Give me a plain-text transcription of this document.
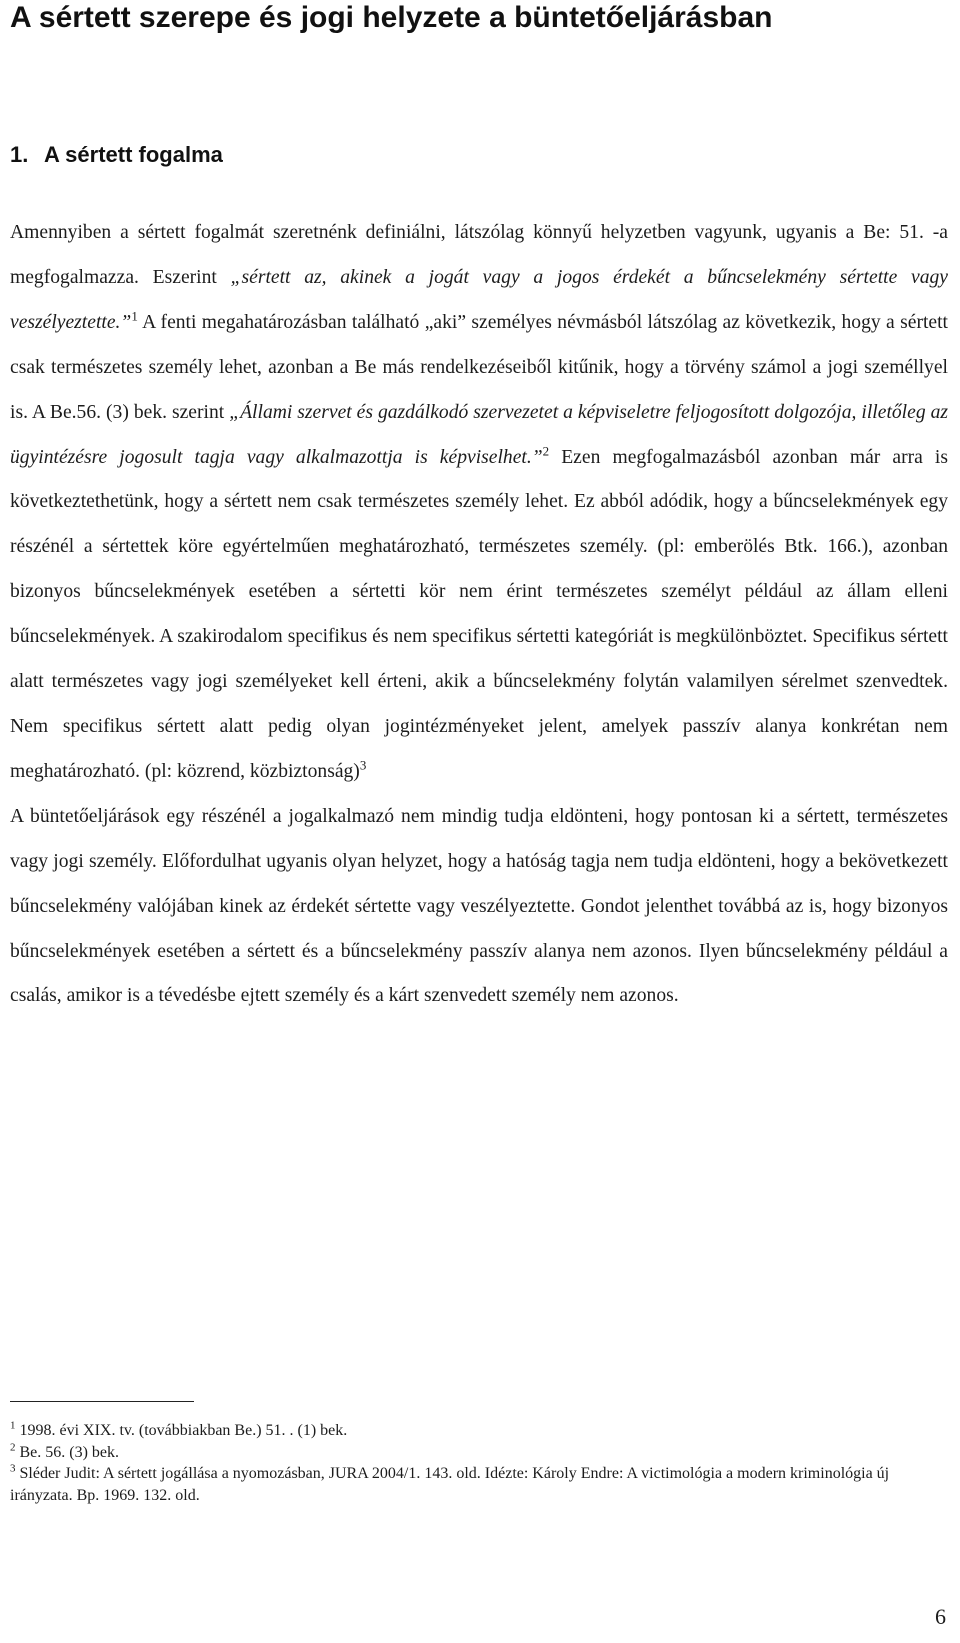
A sértett szerepe és jogi helyzete a büntetőeljárásban
1. A sértett fogalma

Amennyiben a sértett fogalmát szeretnénk definiálni, látszólag könnyű helyzetben vagyunk, ugyanis a Be: 51. -a megfogalmazza. Eszerint „sértett az, akinek a jogát vagy a jogos érdekét a bűncselekmény sértette vagy veszélyeztette.”$^1$ A fenti megahatározásban található „aki” személyes névmásból látszólag az következik, hogy a sértett csak természetes személy lehet, azonban a Be más rendelkezéseiből kitűnik, hogy a törvény számol a jogi személlyel is. A Be.56. (3) bek. szerint „Állami szervet és gazdálkodó szervezetet a képviseletre feljogosított dolgozója, illetőleg az ügyintézésre jogosult tagja vagy alkalmazottja is képviselhet.”$^2$ Ezen megfogalmazásból azonban már arra is következtethetünk, hogy a sértett nem csak természetes személy lehet. Ez abból adódik, hogy a bűncselekmények egy részénél a sértettek köre egyértelműen meghatározható, természetes személy. (pl: emberölés Btk. 166.), azonban bizonyos bűncselekmények esetében a sértetti kör nem érint természetes személyt például az állam elleni bűncselekmények. A szakirodalom specifikus és nem specifikus sértetti kategóriát is megkülönböztet. Specifikus sértett alatt természetes vagy jogi személyeket kell érteni, akik a bűncselekmény folytán valamilyen sérelmet szenvedtek. Nem specifikus sértett alatt pedig olyan jogintézményeket jelent, amelyek passzív alanya konkrétan nem meghatározható. (pl: közrend, közbiztonság)$^3$

A büntetőeljárások egy részénél a jogalkalmazó nem mindig tudja eldönteni, hogy pontosan ki a sértett, természetes vagy jogi személy. Előfordulhat ugyanis olyan helyzet, hogy a hatóság tagja nem tudja eldönteni, hogy a bekövetkezett bűncselekmény valójában kinek az érdekét sértette vagy veszélyeztette. Gondot jelenthet továbbá az is, hogy bizonyos bűncselekmények esetében a sértett és a bűncselekmény passzív alanya nem azonos. Ilyen bűncselekmény például a csalás, amikor is a tévedésbe ejtett személy és a kárt szenvedett személy nem azonos.

$^1$ 1998. évi XIX. tv. (továbbiakban Be.) 51. . (1) bek.

$^2$ Be. 56. (3) bek.

$^3$ Sléder Judit: A sértett jogállása a nyomozásban, JURA 2004/1. 143. old. Idézte: Károly Endre: A victimológia a modern kriminológia új irányzata. Bp. 1969. 132. old.

6
